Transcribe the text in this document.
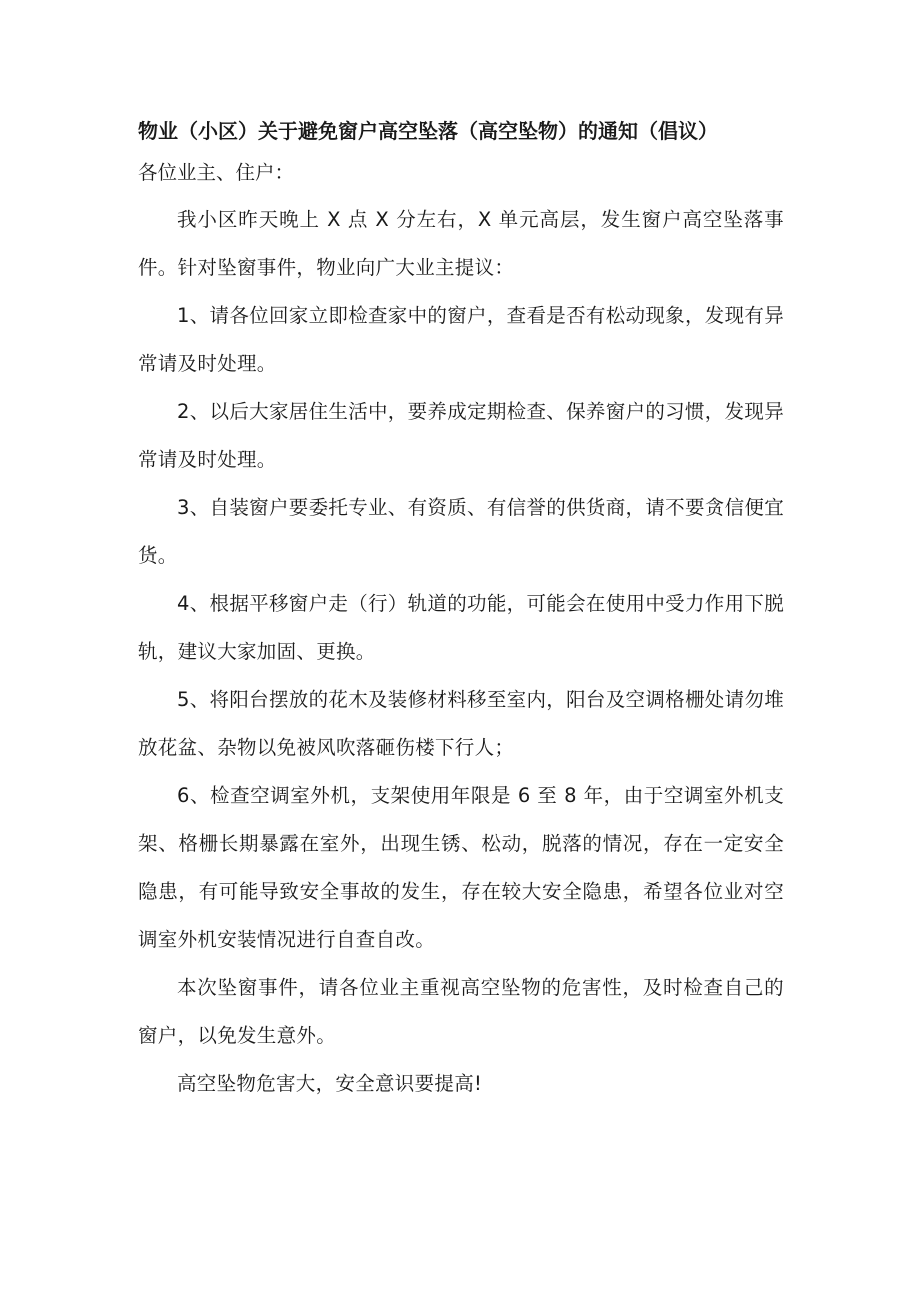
物业（小区）关于避免窗户高空坠落（高空坠物）的通知（倡议）
各位业主、住户：

我小区昨天晚上 X 点 X 分左右，X 单元高层，发生窗户高空坠落事件。针对坠窗事件，物业向广大业主提议：

1、请各位回家立即检查家中的窗户，查看是否有松动现象，发现有异常请及时处理。

2、以后大家居住生活中，要养成定期检查、保养窗户的习惯，发现异常请及时处理。

3、自装窗户要委托专业、有资质、有信誉的供货商，请不要贪信便宜货。

4、根据平移窗户走（行）轨道的功能，可能会在使用中受力作用下脱轨，建议大家加固、更换。

5、将阳台摆放的花木及装修材料移至室内，阳台及空调格栅处请勿堆放花盆、杂物以免被风吹落砸伤楼下行人；

6、检查空调室外机，支架使用年限是 6 至 8 年，由于空调室外机支架、格栅长期暴露在室外，出现生锈、松动，脱落的情况，存在一定安全隐患，有可能导致安全事故的发生，存在较大安全隐患，希望各位业对空调室外机安装情况进行自查自改。

本次坠窗事件，请各位业主重视高空坠物的危害性，及时检查自己的窗户，以免发生意外。

高空坠物危害大，安全意识要提高!
